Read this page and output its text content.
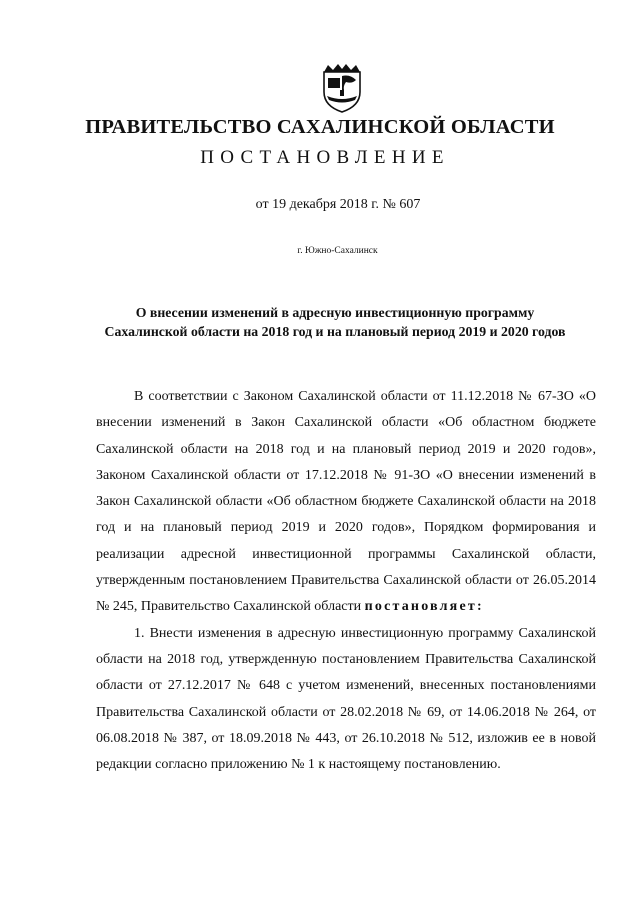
ПРАВИТЕЛЬСТВО САХАЛИНСКОЙ ОБЛАСТИ
ПОСТАНОВЛЕНИЕ
от 19 декабря 2018 г. № 607
г. Южно-Сахалинск
О внесении изменений в адресную инвестиционную программу Сахалинской области на 2018 год и на плановый период 2019 и 2020 годов

В соответствии с Законом Сахалинской области от 11.12.2018 № 67-ЗО «О внесении изменений в Закон Сахалинской области «Об областном бюджете Сахалинской области на 2018 год и на плановый период 2019 и 2020 годов», Законом Сахалинской области от 17.12.2018 № 91-ЗО «О внесении изменений в Закон Сахалинской области «Об областном бюджете Сахалинской области на 2018 год и на плановый период 2019 и 2020 годов», Порядком формирования и реализации адресной инвестиционной программы Сахалинской области, утвержденным постановлением Правительства Сахалинской области от 26.05.2014 № 245, Правительство Сахалинской области постановляет:

1. Внести изменения в адресную инвестиционную программу Сахалинской области на 2018 год, утвержденную постановлением Правительства Сахалинской области от 27.12.2017 № 648 с учетом изменений, внесенных постановлениями Правительства Сахалинской области от 28.02.2018 № 69, от 14.06.2018 № 264, от 06.08.2018 № 387, от 18.09.2018 № 443, от 26.10.2018 № 512, изложив ее в новой редакции согласно приложению № 1 к настоящему постановлению.
